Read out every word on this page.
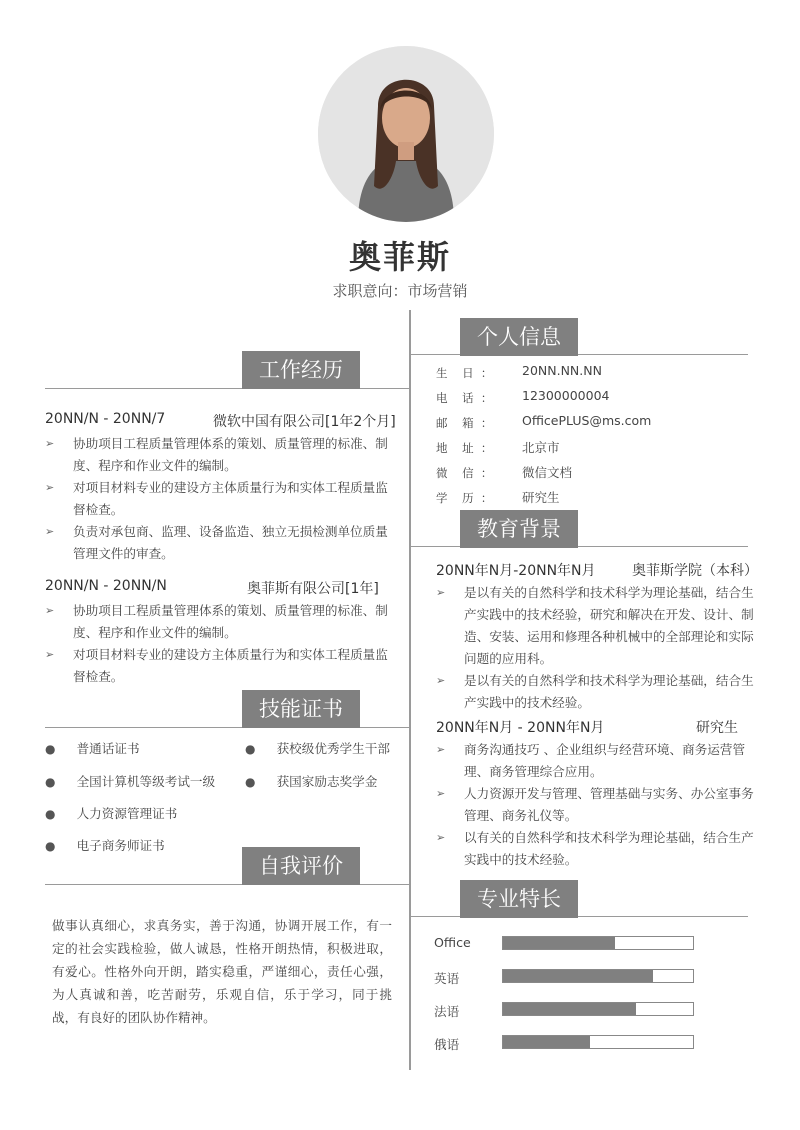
奥菲斯
求职意向：市场营销
个人信息
生    日  ： 20NN.NN.NN
电    话  ： 12300000004
邮    箱  ： OfficePLUS@ms.com
地    址  ： 北京市
微    信  ： 微信文档
学    历  ： 研究生
教育背景
20NN年N月-20NN年N月	奥菲斯学院（本科）
➢ 是以有关的自然科学和技术科学为理论基础，结合生产实践中的技术经验，研究和解决在开发、设计、制造、安装、运用和修理各种机械中的全部理论和实际问题的应用科。
➢ 是以有关的自然科学和技术科学为理论基础，结合生产实践中的技术经验。
20NN年N月 - 20NN年N月	研究生
➢ 商务沟通技巧 、企业组织与经营环境、商务运营管理、商务管理综合应用。
➢ 人力资源开发与管理、管理基础与实务、办公室事务管理、商务礼仪等。
➢ 以有关的自然科学和技术科学为理论基础，结合生产实践中的技术经验。
专业特长
Office
英语
法语
俄语
工作经历
20NN/N - 20NN/7	微软中国有限公司[1年2个月]
➢ 协助项目工程质量管理体系的策划、质量管理的标准、制度、程序和作业文件的编制。
➢ 对项目材料专业的建设方主体质量行为和实体工程质量监督检查。
➢ 负责对承包商、监理、设备监造、独立无损检测单位质量管理文件的审查。
20NN/N - 20NN/N	奥菲斯有限公司[1年]
➢ 协助项目工程质量管理体系的策划、质量管理的标准、制度、程序和作业文件的编制。
➢ 对项目材料专业的建设方主体质量行为和实体工程质量监督检查。
技能证书
● 普通话证书	● 获校级优秀学生干部
● 全国计算机等级考试一级 ● 获国家励志奖学金
● 人力资源管理证书
● 电子商务师证书
自我评价
做事认真细心，求真务实，善于沟通，协调开展工作，有一定的社会实践检验，做人诚恳，性格开朗热情，积极进取，有爱心。性格外向开朗，踏实稳重，严谨细心，责任心强，为人真诚和善，吃苦耐劳，乐观自信，乐于学习，同于挑战，有良好的团队协作精神。
